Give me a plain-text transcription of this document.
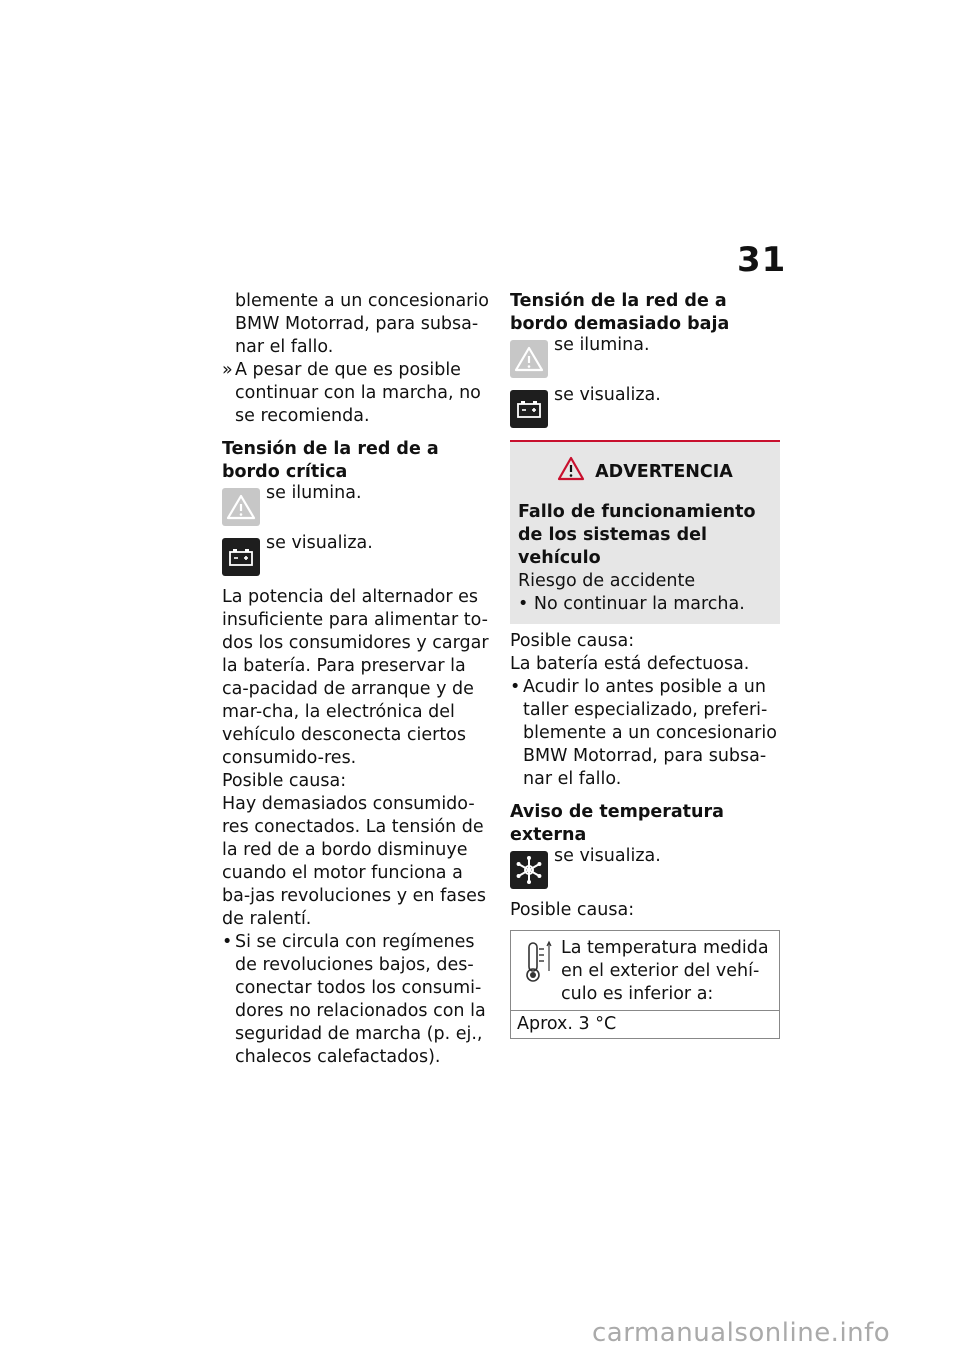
31

blemente a un concesionario BMW Motorrad, para subsa-nar el fallo.

» A pesar de que es posible continuar con la marcha, no se recomienda.
Tensión de la red de a bordo crítica
se ilumina.
se visualiza.

La potencia del alternador es insuficiente para alimentar to-dos los consumidores y cargar la batería. Para preservar la ca-pacidad de arranque y de mar-cha, la electrónica del vehículo desconecta ciertos consumido-res.

Posible causa:

Hay demasiados consumido-res conectados. La tensión de la red de a bordo disminuye cuando el motor funciona a ba-jas revoluciones y en fases de ralentí.

• Si se circula con regímenes de revoluciones bajos, des-conectar todos los consumi-dores no relacionados con la seguridad de marcha (p. ej., chalecos calefactados).
Tensión de la red de a bordo demasiado baja
se ilumina.
se visualiza.
ADVERTENCIA
Fallo de funcionamiento de los sistemas del vehículo
Riesgo de accidente
• No continuar la marcha.

Posible causa:

La batería está defectuosa.

• Acudir lo antes posible a un taller especializado, preferi-blemente a un concesionario BMW Motorrad, para subsa-nar el fallo.
Aviso de temperatura externa
se visualiza.

Posible causa:

La temperatura medida en el exterior del vehí-culo es inferior a:
Aprox. 3 °C
carmanualsonline.info
